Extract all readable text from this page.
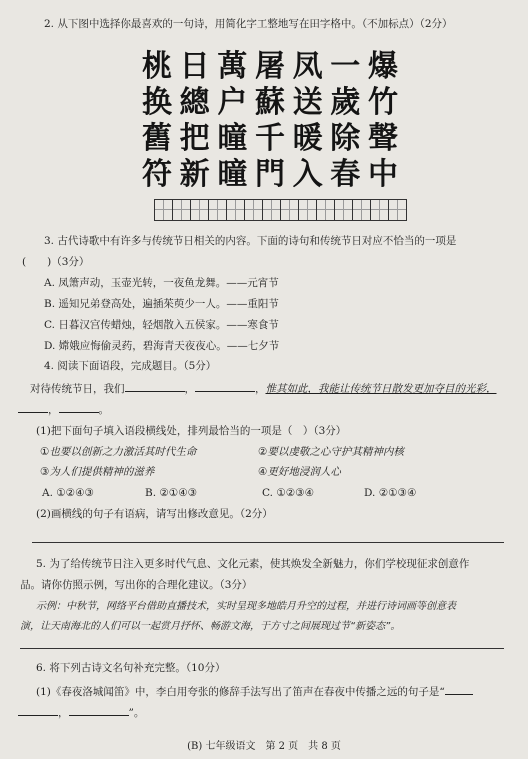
2. 从下图中选择你最喜欢的一句诗，用简化字工整地写在田字格中。（不加标点）（2分）
桃 日 萬 屠 凤 一 爆
换 總 户 蘇 送 歲 竹
舊 把 曈 千 暖 除 聲
符 新 曈 門 入 春 中
3. 古代诗歌中有许多与传统节日相关的内容。下面的诗句和传统节日对应不恰当的一项是
(　　)（3分）
A. 凤箫声动，玉壶光转，一夜鱼龙舞。——元宵节
B. 遥知兄弟登高处，遍插茱萸少一人。——重阳节
C. 日暮汉宫传蜡烛，轻烟散入五侯家。——寒食节
D. 嫦娥应悔偷灵药，碧海青天夜夜心。——七夕节
4. 阅读下面语段，完成题目。（5分）
对待传统节日，我们	，	，惟其如此，我能让传统节日散发更加夺目的光彩，
，	。
(1)把下面句子填入语段横线处，排列最恰当的一项是（　）（3分）
①也要以创新之力激活其时代生命	②要以虔敬之心守护其精神内核
③为人们提供精神的滋养	④更好地浸润人心
A. ①②④③	B. ②①④③	C. ①②③④	D. ②①③④
(2)画横线的句子有语病，请写出修改意见。（2分）
5. 为了给传统节日注入更多时代气息、文化元素，使其焕发全新魅力，你们学校现征求创意作
品。请你仿照示例，写出你的合理化建议。（3分）
示例：中秋节，网络平台借助直播技术，实时呈现多地皓月升空的过程，并进行诗词画等创意表
演，让天南海北的人们可以一起赏月抒怀、畅游文海，于方寸之间展现过节“新姿态”。
6. 将下列古诗文名句补充完整。（10分）
(1)《春夜洛城闻笛》中，李白用夸张的修辞手法写出了笛声在春夜中传播之远的句子是“
，	”。
(B) 七年级语文　第 2 页　共 8 页
